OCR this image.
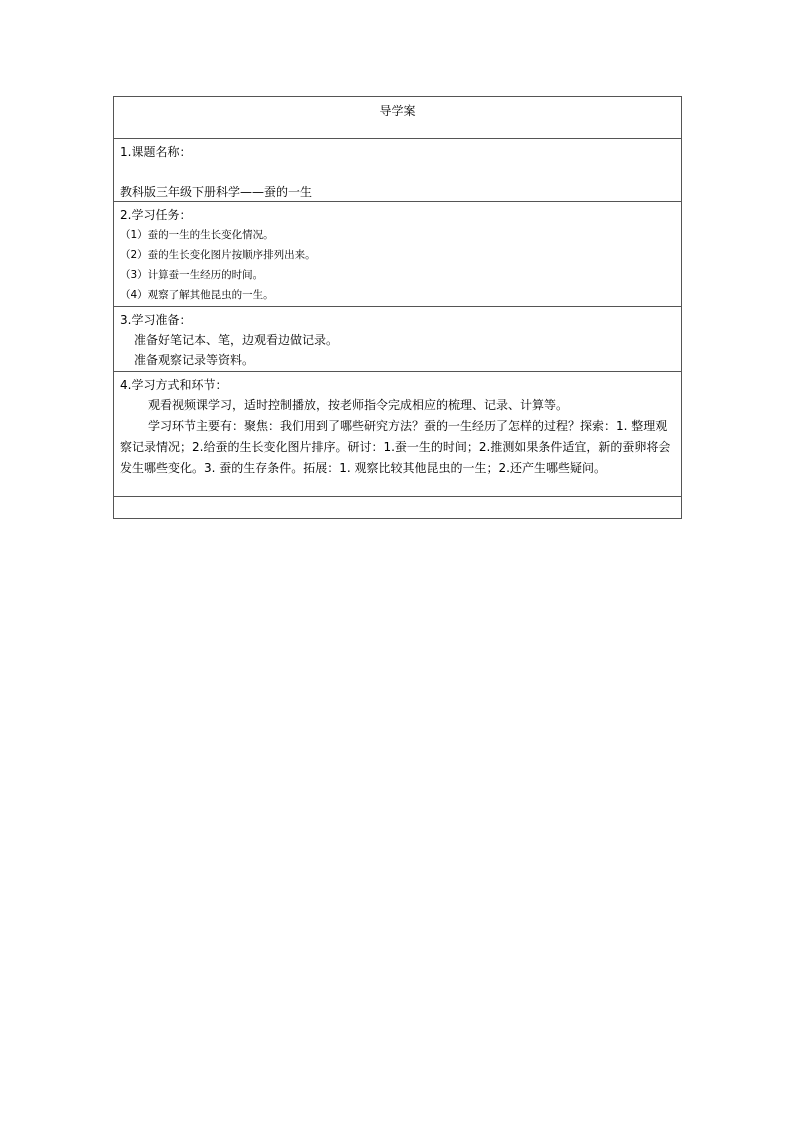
导学案
1.课题名称：
教科版三年级下册科学——蚕的一生
2.学习任务：
（1）蚕的一生的生长变化情况。
（2）蚕的生长变化图片按顺序排列出来。
（3）计算蚕一生经历的时间。
（4）观察了解其他昆虫的一生。
3.学习准备：
准备好笔记本、笔，边观看边做记录。
准备观察记录等资料。
4.学习方式和环节：
观看视频课学习，适时控制播放，按老师指令完成相应的梳理、记录、计算等。
学习环节主要有：聚焦：我们用到了哪些研究方法？蚕的一生经历了怎样的过程？探索：1. 整理观察记录情况；2.给蚕的生长变化图片排序。研讨：1.蚕一生的时间；2.推测如果条件适宜，新的蚕卵将会发生哪些变化。3. 蚕的生存条件。拓展：1. 观察比较其他昆虫的一生；2.还产生哪些疑问。
